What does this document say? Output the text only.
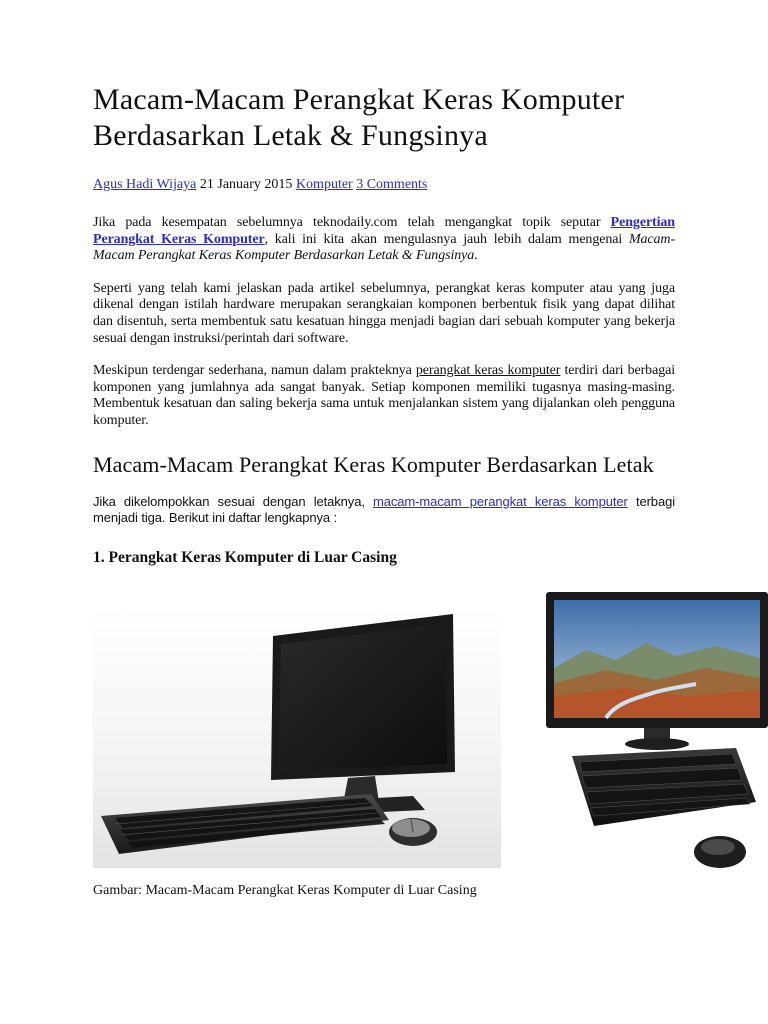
Macam-Macam Perangkat Keras Komputer Berdasarkan Letak & Fungsinya
Agus Hadi Wijaya 21 January 2015 Komputer 3 Comments

Jika pada kesempatan sebelumnya teknodaily.com telah mengangkat topik seputar Pengertian Perangkat Keras Komputer, kali ini kita akan mengulasnya jauh lebih dalam mengenai Macam-Macam Perangkat Keras Komputer Berdasarkan Letak & Fungsinya.

Seperti yang telah kami jelaskan pada artikel sebelumnya, perangkat keras komputer atau yang juga dikenal dengan istilah hardware merupakan serangkaian komponen berbentuk fisik yang dapat dilihat dan disentuh, serta membentuk satu kesatuan hingga menjadi bagian dari sebuah komputer yang bekerja sesuai dengan instruksi/perintah dari software.

Meskipun terdengar sederhana, namun dalam prakteknya perangkat keras komputer terdiri dari berbagai komponen yang jumlahnya ada sangat banyak. Setiap komponen memiliki tugasnya masing-masing. Membentuk kesatuan dan saling bekerja sama untuk menjalankan sistem yang dijalankan oleh pengguna komputer.

Macam-Macam Perangkat Keras Komputer Berdasarkan Letak

Jika dikelompokkan sesuai dengan letaknya, macam-macam perangkat keras komputer terbagi menjadi tiga. Berikut ini daftar lengkapnya :

1. Perangkat Keras Komputer di Luar Casing
Gambar: Macam-Macam Perangkat Keras Komputer di Luar Casing
